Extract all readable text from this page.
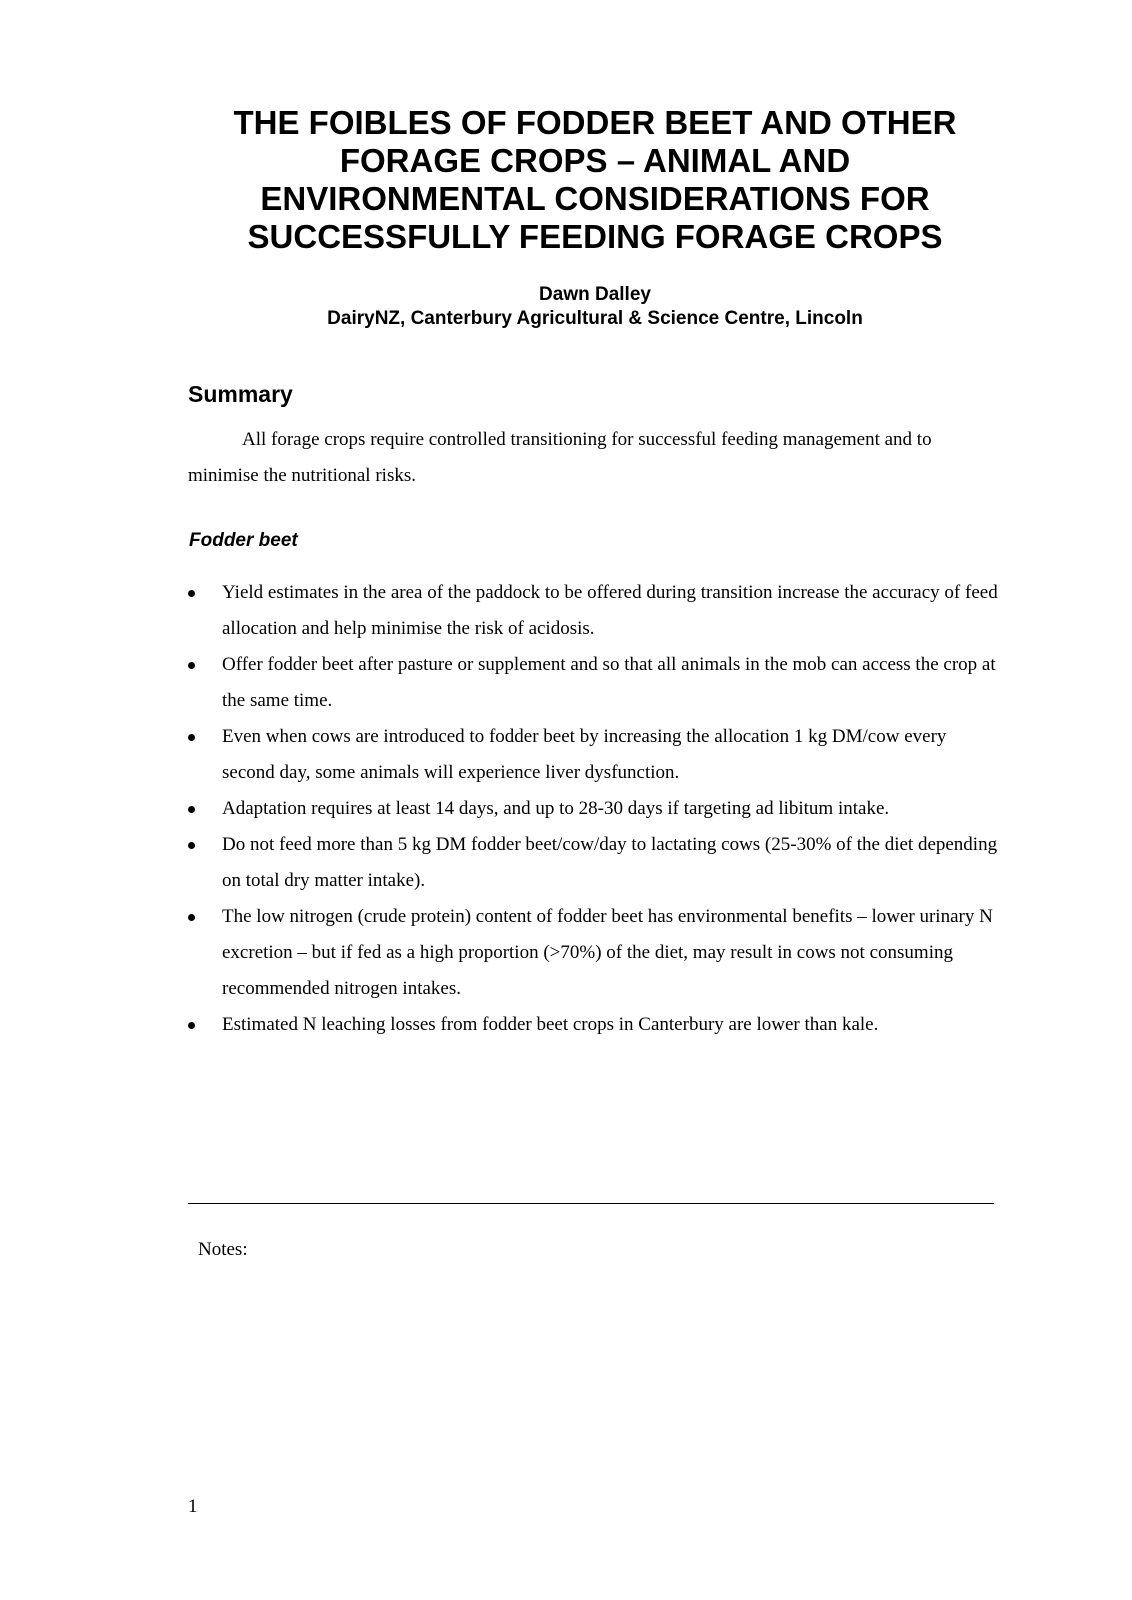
THE FOIBLES OF FODDER BEET AND OTHER
FORAGE CROPS – ANIMAL AND
ENVIRONMENTAL CONSIDERATIONS FOR
SUCCESSFULLY FEEDING FORAGE CROPS
Dawn Dalley
DairyNZ, Canterbury Agricultural & Science Centre, Lincoln
Summary

All forage crops require controlled transitioning for successful feeding management and to minimise the nutritional risks.

Fodder beet
Yield estimates in the area of the paddock to be offered during transition increase the accuracy of feed allocation and help minimise the risk of acidosis.
Offer fodder beet after pasture or supplement and so that all animals in the mob can access the crop at the same time.
Even when cows are introduced to fodder beet by increasing the allocation 1 kg DM/cow every second day, some animals will experience liver dysfunction.
Adaptation requires at least 14 days, and up to 28-30 days if targeting ad libitum intake.
Do not feed more than 5 kg DM fodder beet/cow/day to lactating cows (25-30% of the diet depending on total dry matter intake).
The low nitrogen (crude protein) content of fodder beet has environmental benefits – lower urinary N excretion – but if fed as a high proportion (>70%) of the diet, may result in cows not consuming recommended nitrogen intakes.
Estimated N leaching losses from fodder beet crops in Canterbury are lower than kale.
Notes:
1
